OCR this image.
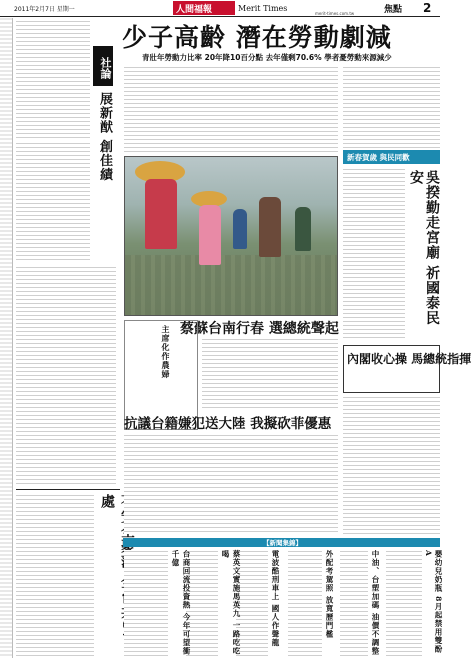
2011年2月7日 星期一	人間福報	Merit Times
merit-times.com.tw	焦點 2
少子高齡 潛在勞動劇減
青壯年勞動力比率 20年降10百分點 去年僅剩70.6% 學者憂勞動來源減少
社論
展新猷 創佳績
處
新春賀歲 與民同歡
吳揆勤走宮廟 祈國泰民安
內閣收心操 馬總統指揮
蔡蘇台南行春 選總統聲起
主席化作農婦
抗議台籍嫌犯送大陸 我擬砍菲優惠
【新聞集錦】
嬰幼兒奶瓶 8月起禁用雙酚A
中油、台塑加碼 油價不調整
外配考駕照 放寬歷門檻
電波酷刑車上 國人作聲龍
蔡英文實施馬英九 一路吃吃喝
台商回流投資熱 今年可望衝千億
